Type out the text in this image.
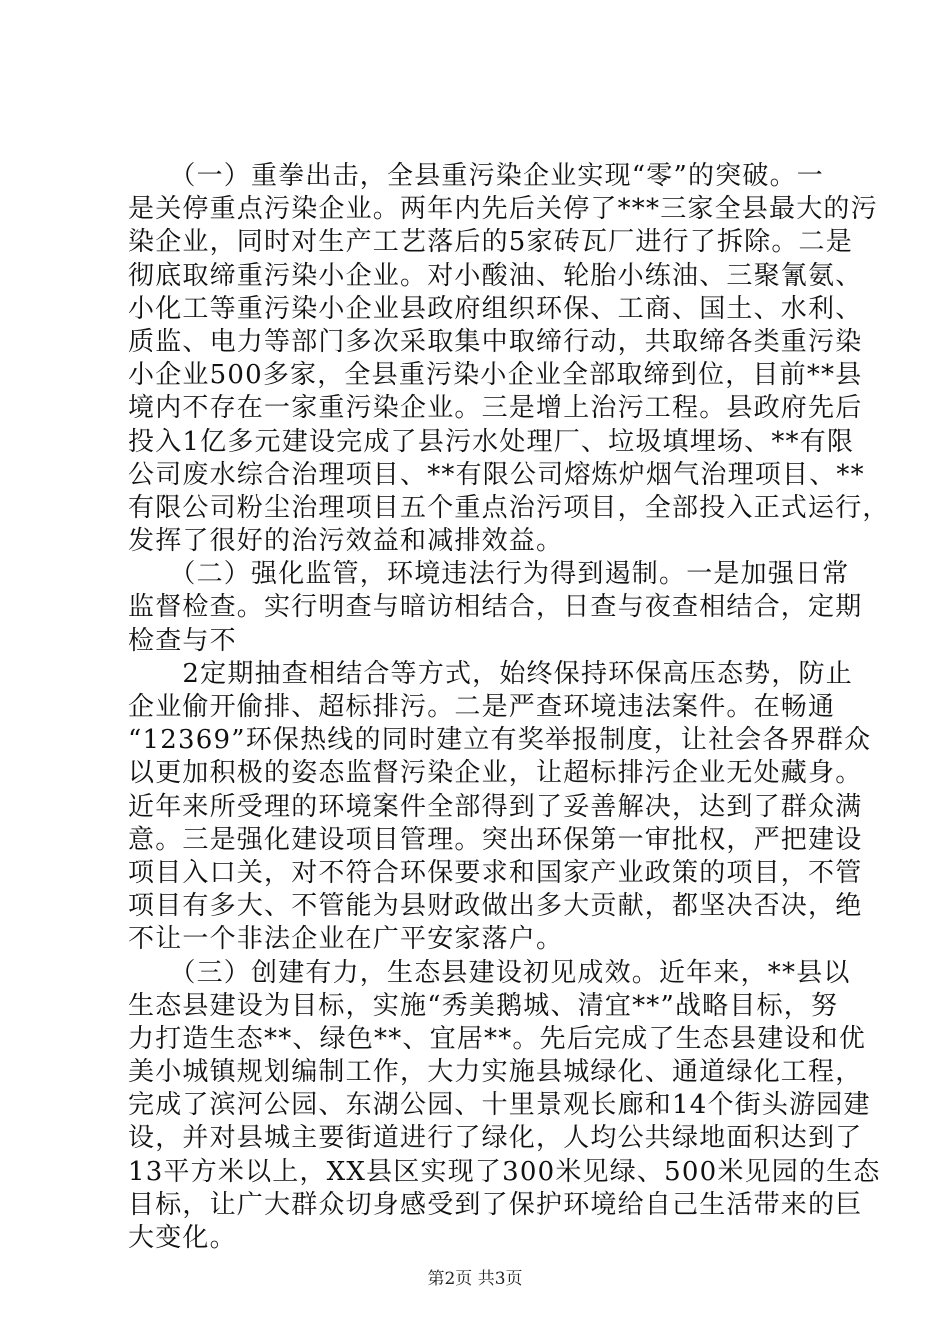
　　（一）重拳出击，全县重污染企业实现“零”的突破。一
是关停重点污染企业。两年内先后关停了***三家全县最大的污
染企业，同时对生产工艺落后的5家砖瓦厂进行了拆除。二是
彻底取缔重污染小企业。对小酸油、轮胎小练油、三聚氰氨、
小化工等重污染小企业县政府组织环保、工商、国土、水利、
质监、电力等部门多次采取集中取缔行动，共取缔各类重污染
小企业500多家，全县重污染小企业全部取缔到位，目前**县
境内不存在一家重污染企业。三是增上治污工程。县政府先后
投入1亿多元建设完成了县污水处理厂、垃圾填埋场、**有限
公司废水综合治理项目、**有限公司熔炼炉烟气治理项目、**
有限公司粉尘治理项目五个重点治污项目，全部投入正式运行，
发挥了很好的治污效益和减排效益。
　　（二）强化监管，环境违法行为得到遏制。一是加强日常
监督检查。实行明查与暗访相结合，日查与夜查相结合，定期
检查与不
　　2定期抽查相结合等方式，始终保持环保高压态势，防止
企业偷开偷排、超标排污。二是严查环境违法案件。在畅通
“12369”环保热线的同时建立有奖举报制度，让社会各界群众
以更加积极的姿态监督污染企业，让超标排污企业无处藏身。
近年来所受理的环境案件全部得到了妥善解决，达到了群众满
意。三是强化建设项目管理。突出环保第一审批权，严把建设
项目入口关，对不符合环保要求和国家产业政策的项目，不管
项目有多大、不管能为县财政做出多大贡献，都坚决否决，绝
不让一个非法企业在广平安家落户。
　　（三）创建有力，生态县建设初见成效。近年来，**县以
生态县建设为目标，实施“秀美鹅城、清宜**”战略目标，努
力打造生态**、绿色**、宜居**。先后完成了生态县建设和优
美小城镇规划编制工作，大力实施县城绿化、通道绿化工程，
完成了滨河公园、东湖公园、十里景观长廊和14个街头游园建
设，并对县城主要街道进行了绿化，人均公共绿地面积达到了
13平方米以上，XX县区实现了300米见绿、500米见园的生态
目标，让广大群众切身感受到了保护环境给自己生活带来的巨
大变化。
第2页 共3页
